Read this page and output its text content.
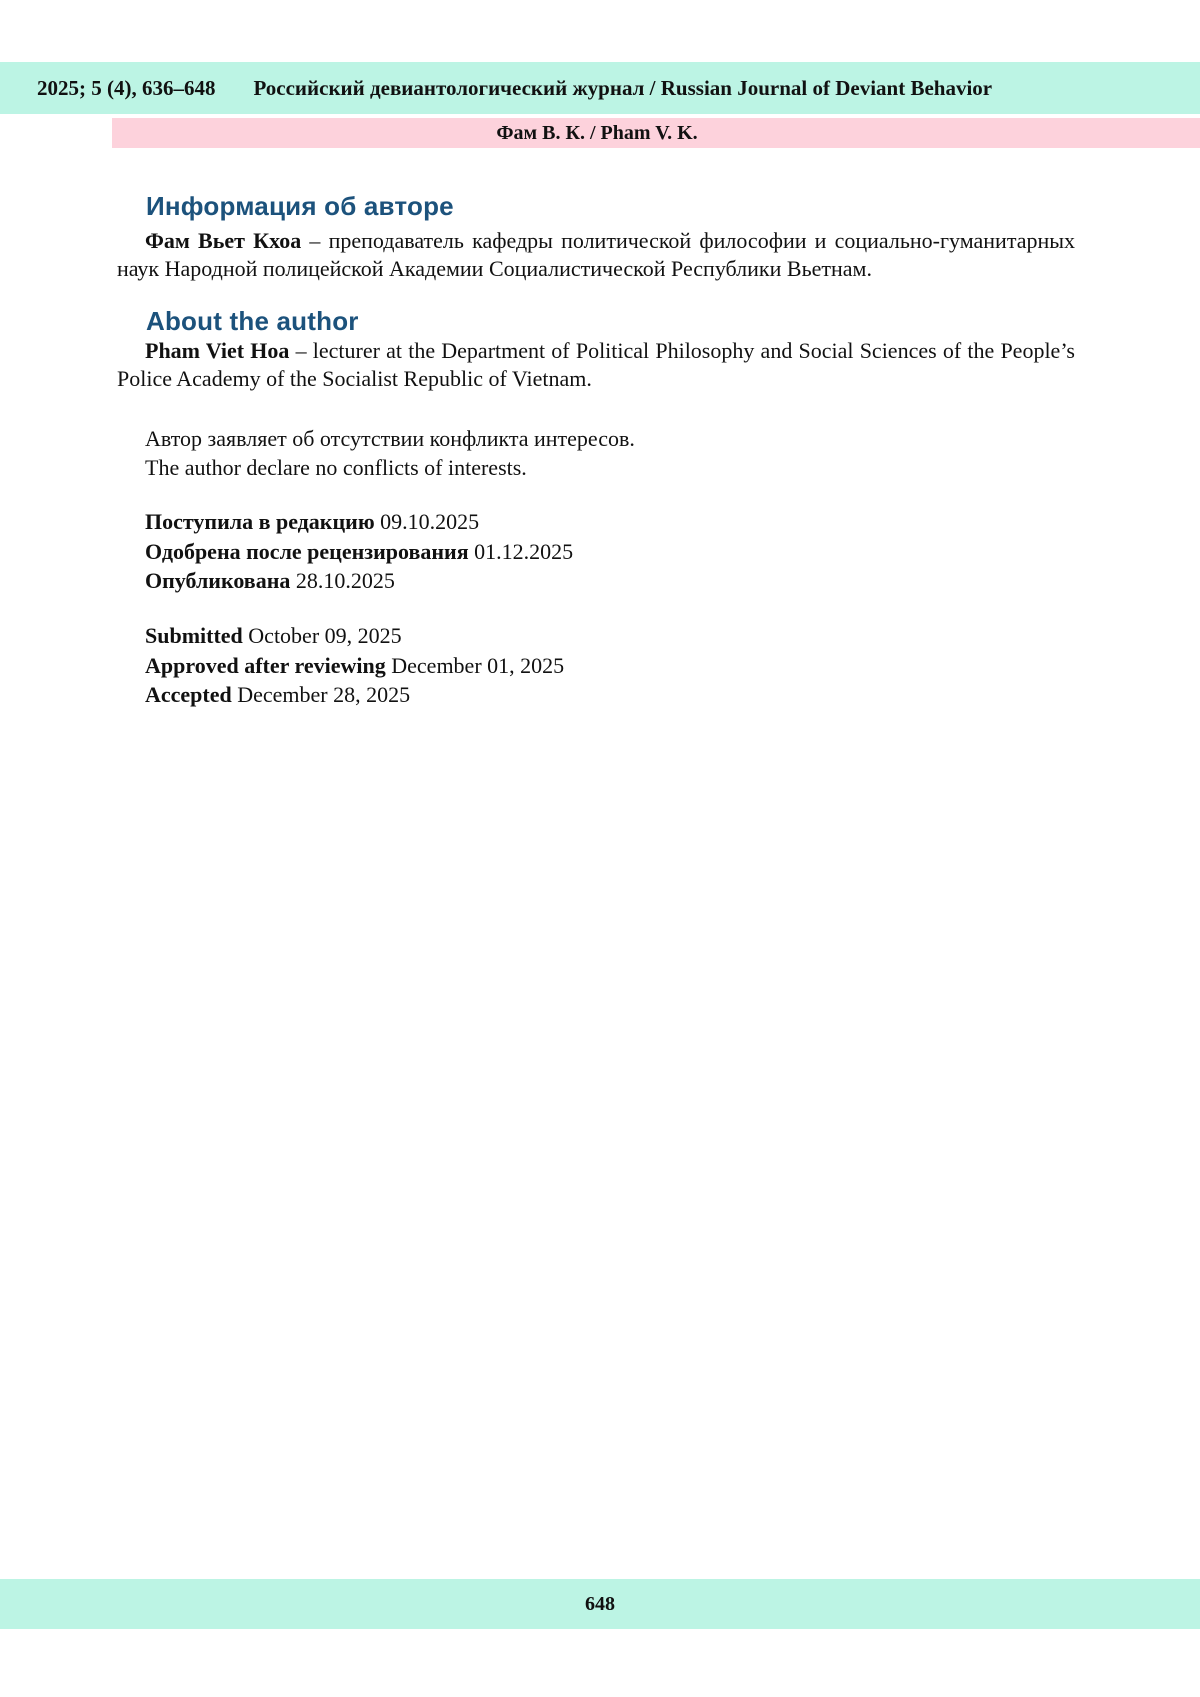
2025; 5 (4), 636–648 Российский девиантологический журнал / Russian Journal of Deviant Behavior
Фам В. К. / Pham V. K.
Информация об авторе

Фам Вьет Кхоа – преподаватель кафедры политической философии и социально-гуманитарных наук Народной полицейской Академии Социалистической Республики Вьетнам.

About the author

Pham Viet Hoa – lecturer at the Department of Political Philosophy and Social Sciences of the People’s Police Academy of the Socialist Republic of Vietnam.

Автор заявляет об отсутствии конфликта интересов.

The author declare no conflicts of interests.

Поступила в редакцию 09.10.2025

Одобрена после рецензирования 01.12.2025

Опубликована 28.10.2025

Submitted October 09, 2025

Approved after reviewing December 01, 2025

Accepted December 28, 2025

648
